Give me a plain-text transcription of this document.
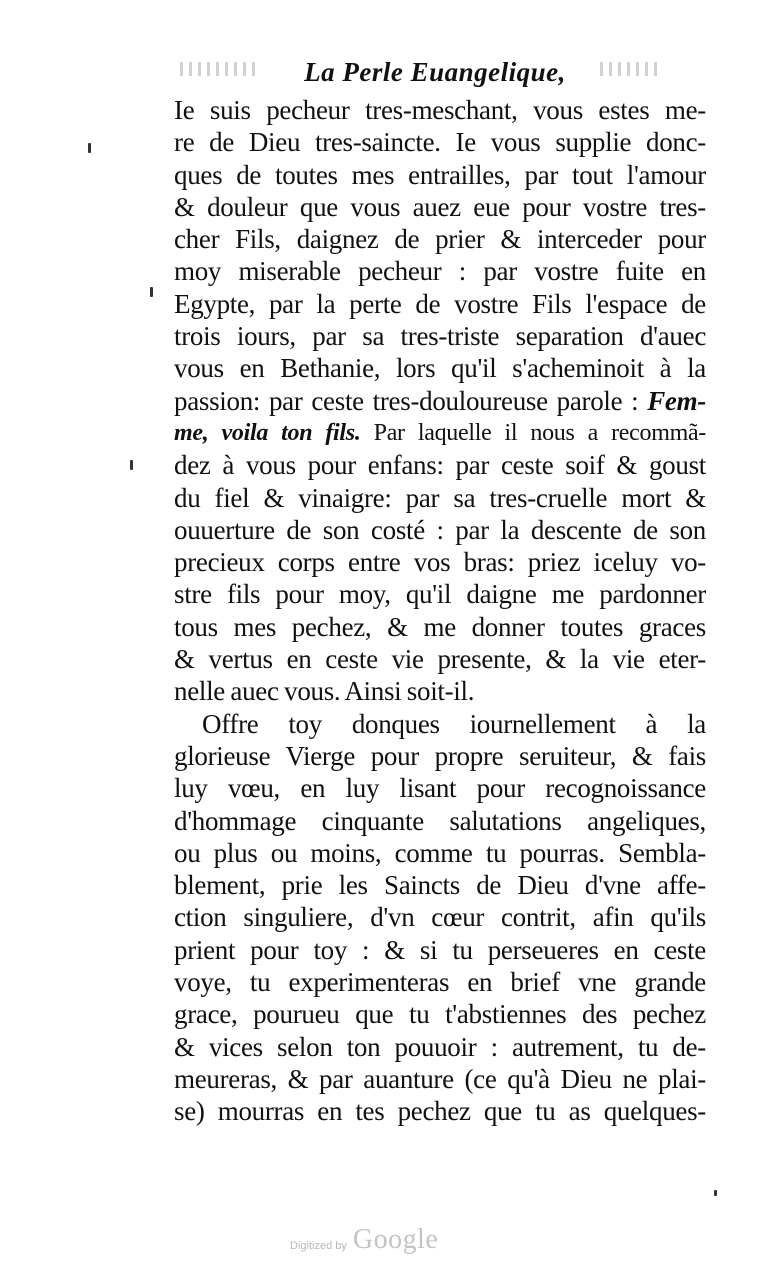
La Perle Euangelique,
Ie suis pecheur tres-meschant, vous estes me-
re de Dieu tres-saincte. Ie vous supplie donc-
ques de toutes mes entrailles, par tout l'amour
& douleur que vous auez eue pour vostre tres-
cher Fils, daignez de prier & interceder pour
moy miserable pecheur : par vostre fuite en
Egypte, par la perte de vostre Fils l'espace de
trois iours, par sa tres-triste separation d'auec
vous en Bethanie, lors qu'il s'acheminoit à la
passion: par ceste tres-douloureuse parole : Fem-
me, voila ton fils. Par laquelle il nous a recommã-
dez à vous pour enfans: par ceste soif & goust
du fiel & vinaigre: par sa tres-cruelle mort &
ouuerture de son costé : par la descente de son
precieux corps entre vos bras: priez iceluy vo-
stre fils pour moy, qu'il daigne me pardonner
tous mes pechez, & me donner toutes graces
& vertus en ceste vie presente, & la vie eter-
nelle auec vous. Ainsi soit-il.
Offre toy donques iournellement à la
glorieuse Vierge pour propre seruiteur, & fais
luy vœu, en luy lisant pour recognoissance
d'hommage cinquante salutations angeliques,
ou plus ou moins, comme tu pourras. Sembla-
blement, prie les Saincts de Dieu d'vne affe-
ction singuliere, d'vn cœur contrit, afin qu'ils
prient pour toy : & si tu perseueres en ceste
voye, tu experimenteras en brief vne grande
grace, pourueu que tu t'abstiennes des pechez
& vices selon ton pouuoir : autrement, tu de-
meureras, & par auanture (ce qu'à Dieu ne plai-
se) mourras en tes pechez que tu as quelques-
Digitized by Google
